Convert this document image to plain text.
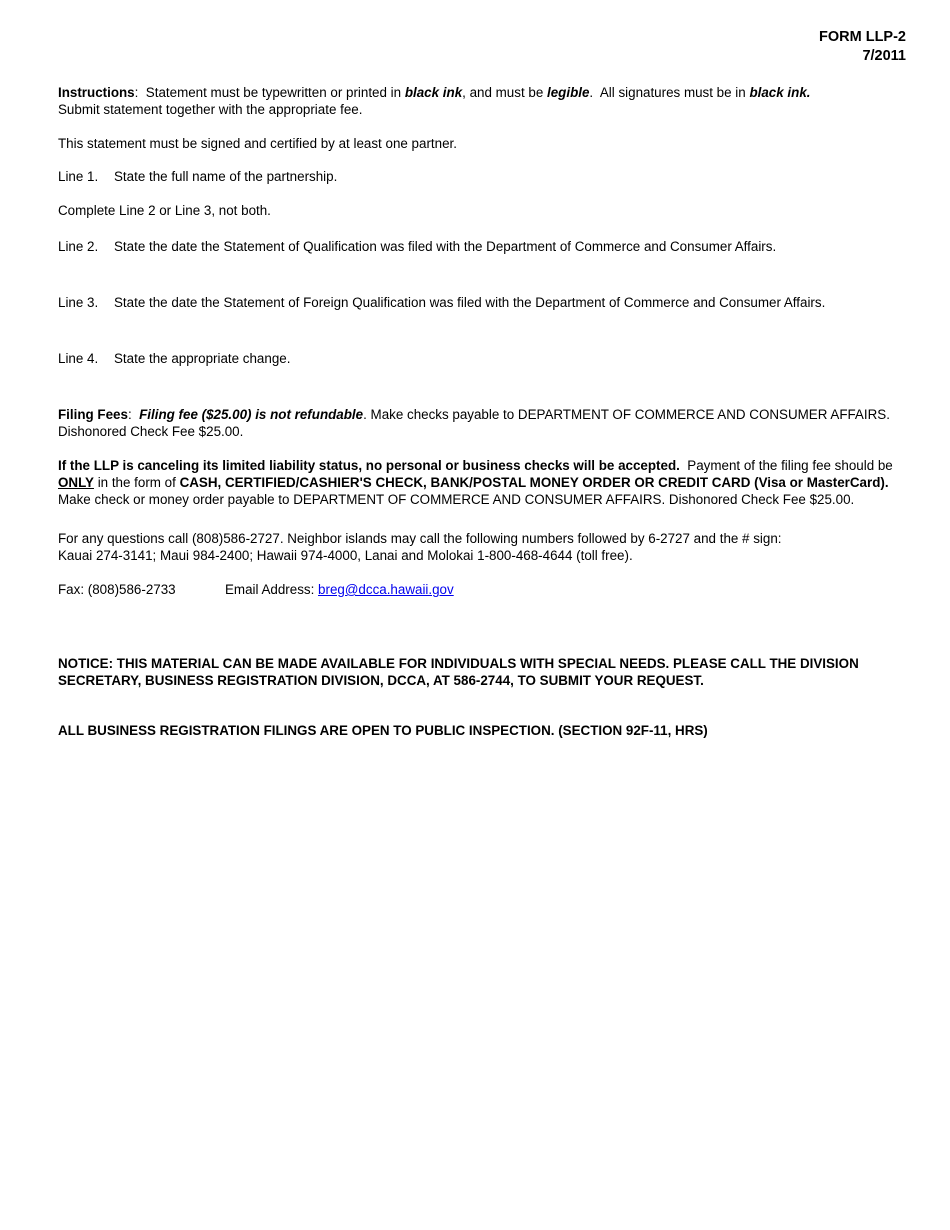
FORM LLP-2
7/2011

Instructions:  Statement must be typewritten or printed in black ink, and must be legible.  All signatures must be in black ink.
Submit statement together with the appropriate fee.

This statement must be signed and certified by at least one partner.

Line 1.	State the full name of the partnership.

Complete Line 2 or Line 3, not both.

Line 2.	State the date the Statement of Qualification was filed with the Department of Commerce and Consumer Affairs.
Line 3.	State the date the Statement of Foreign Qualification was filed with the Department of Commerce and Consumer Affairs.
Line 4.	State the appropriate change.

Filing Fees:  Filing fee ($25.00) is not refundable. Make checks payable to DEPARTMENT OF COMMERCE AND CONSUMER AFFAIRS.  Dishonored Check Fee $25.00.

If the LLP is canceling its limited liability status, no personal or business checks will be accepted.  Payment of the filing fee should be ONLY in the form of CASH, CERTIFIED/CASHIER'S CHECK, BANK/POSTAL MONEY ORDER OR CREDIT CARD (Visa or MasterCard). Make check or money order payable to DEPARTMENT OF COMMERCE AND CONSUMER AFFAIRS. Dishonored Check Fee $25.00.

For any questions call (808)586-2727. Neighbor islands may call the following numbers followed by 6-2727 and the # sign:
Kauai 274-3141; Maui 984-2400; Hawaii 974-4000, Lanai and Molokai 1-800-468-4644 (toll free).

Fax: (808)586-2733	Email Address: breg@dcca.hawaii.gov

NOTICE: THIS MATERIAL CAN BE MADE AVAILABLE FOR INDIVIDUALS WITH SPECIAL NEEDS. PLEASE CALL THE DIVISION SECRETARY, BUSINESS REGISTRATION DIVISION, DCCA, AT 586-2744, TO SUBMIT YOUR REQUEST.

ALL BUSINESS REGISTRATION FILINGS ARE OPEN TO PUBLIC INSPECTION. (SECTION 92F-11, HRS)
